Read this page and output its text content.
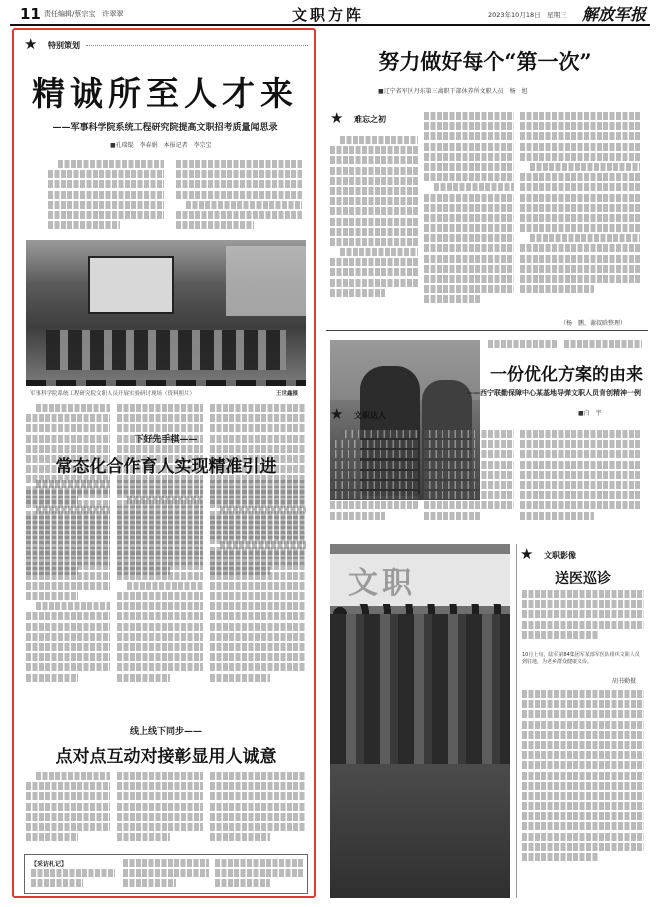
11 责任编辑/蔡宗宝　许翠翠	文职方阵	2023年10月18日　星期三 解放军报
★ 特别策划
精诚所至人才来
——军事科学院系统工程研究院提高文职招考质量闻思录
■孔瑞锟　李春娟　本报记者　李宗宝
军事科学院系统工程研究院文职人员开展实验研讨现场（资料照片）	王世鑫摄
下好先手棋——
常态化合作育人实现精准引进
线上线下同步——
点对点互动对接彰显用人诚意
【采访札记】
努力做好每个“第一次”
■辽宁省军区丹东第三离职干部休养所文职人员　杨　旭
★ 难忘之初
（杨　鹏、谢叔晗整理）
一份优化方案的由来
——西宁联勤保障中心某基地导弹文职人员肯创精神一例
■白　宇
★ 文职达人
文职
★ 文职影像
送医巡诊
10月上旬，陆军第84集团军某部军医队组织文职人员到驻地，为老乡群众健康义诊。
胡书勤摄
